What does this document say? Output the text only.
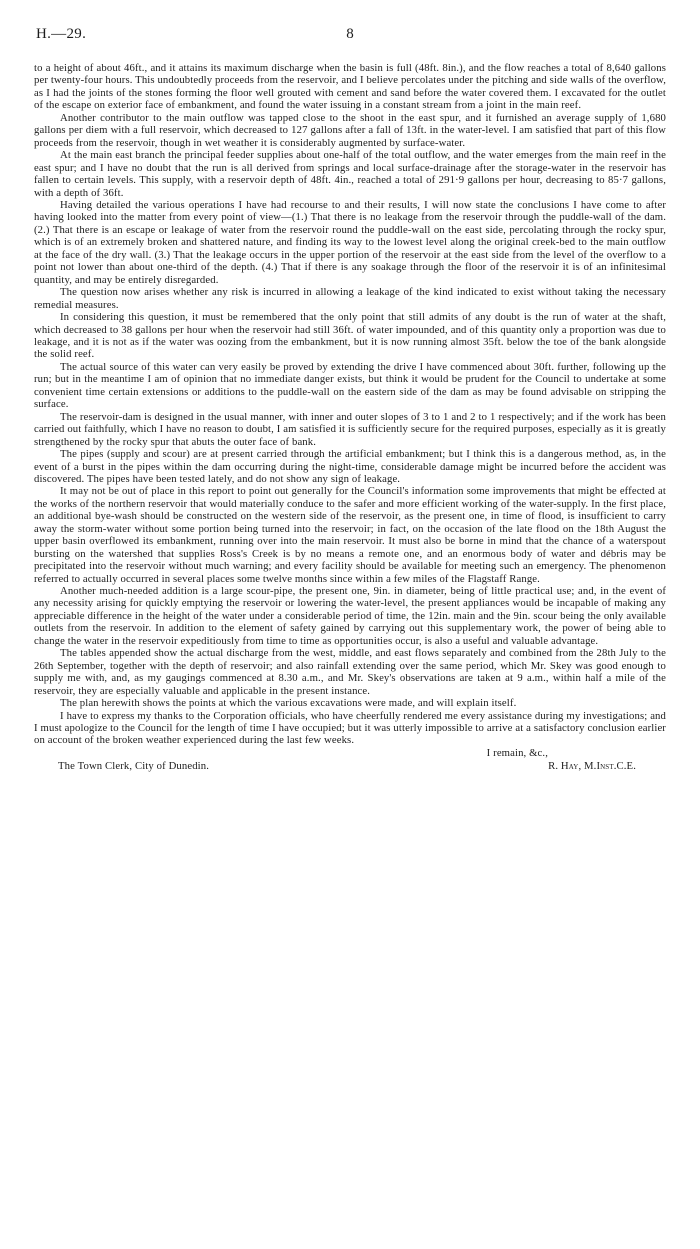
H.—29.	8

to a height of about 46ft., and it attains its maximum discharge when the basin is full (48ft. 8in.), and the flow reaches a total of 8,640 gallons per twenty-four hours. This undoubtedly proceeds from the reservoir, and I believe percolates under the pitching and side walls of the overflow, as I had the joints of the stones forming the floor well grouted with cement and sand before the water covered them. I excavated for the outlet of the escape on exterior face of embankment, and found the water issuing in a constant stream from a joint in the main reef.

Another contributor to the main outflow was tapped close to the shoot in the east spur, and it furnished an average supply of 1,680 gallons per diem with a full reservoir, which decreased to 127 gallons after a fall of 13ft. in the water-level. I am satisfied that part of this flow proceeds from the reservoir, though in wet weather it is considerably augmented by surface-water.

At the main east branch the principal feeder supplies about one-half of the total outflow, and the water emerges from the main reef in the east spur; and I have no doubt that the run is all derived from springs and local surface-drainage after the storage-water in the reservoir has fallen to certain levels. This supply, with a reservoir depth of 48ft. 4in., reached a total of 291·9 gallons per hour, decreasing to 85·7 gallons, with a depth of 36ft.

Having detailed the various operations I have had recourse to and their results, I will now state the conclusions I have come to after having looked into the matter from every point of view—(1.) That there is no leakage from the reservoir through the puddle-wall of the dam. (2.) That there is an escape or leakage of water from the reservoir round the puddle-wall on the east side, percolating through the rocky spur, which is of an extremely broken and shattered nature, and finding its way to the lowest level along the original creek-bed to the main outflow at the face of the dry wall. (3.) That the leakage occurs in the upper portion of the reservoir at the east side from the level of the overflow to a point not lower than about one-third of the depth. (4.) That if there is any soakage through the floor of the reservoir it is of an infinitesimal quantity, and may be entirely disregarded.

The question now arises whether any risk is incurred in allowing a leakage of the kind indicated to exist without taking the necessary remedial measures.

In considering this question, it must be remembered that the only point that still admits of any doubt is the run of water at the shaft, which decreased to 38 gallons per hour when the reservoir had still 36ft. of water impounded, and of this quantity only a proportion was due to leakage, and it is not as if the water was oozing from the embankment, but it is now running almost 35ft. below the toe of the bank alongside the solid reef.

The actual source of this water can very easily be proved by extending the drive I have commenced about 30ft. further, following up the run; but in the meantime I am of opinion that no immediate danger exists, but think it would be prudent for the Council to undertake at some convenient time certain extensions or additions to the puddle-wall on the eastern side of the dam as may be found advisable on stripping the surface.

The reservoir-dam is designed in the usual manner, with inner and outer slopes of 3 to 1 and 2 to 1 respectively; and if the work has been carried out faithfully, which I have no reason to doubt, I am satisfied it is sufficiently secure for the required purposes, especially as it is greatly strengthened by the rocky spur that abuts the outer face of bank.

The pipes (supply and scour) are at present carried through the artificial embankment; but I think this is a dangerous method, as, in the event of a burst in the pipes within the dam occurring during the night-time, considerable damage might be incurred before the accident was discovered. The pipes have been tested lately, and do not show any sign of leakage.

It may not be out of place in this report to point out generally for the Council's information some improvements that might be effected at the works of the northern reservoir that would materially conduce to the safer and more efficient working of the water-supply. In the first place, an additional bye-wash should be constructed on the western side of the reservoir, as the present one, in time of flood, is insufficient to carry away the storm-water without some portion being turned into the reservoir; in fact, on the occasion of the late flood on the 18th August the upper basin overflowed its embankment, running over into the main reservoir. It must also be borne in mind that the chance of a waterspout bursting on the watershed that supplies Ross's Creek is by no means a remote one, and an enormous body of water and débris may be precipitated into the reservoir without much warning; and every facility should be available for meeting such an emergency. The phenomenon referred to actually occurred in several places some twelve months since within a few miles of the Flagstaff Range.

Another much-needed addition is a large scour-pipe, the present one, 9in. in diameter, being of little practical use; and, in the event of any necessity arising for quickly emptying the reservoir or lowering the water-level, the present appliances would be incapable of making any appreciable difference in the height of the water under a considerable period of time, the 12in. main and the 9in. scour being the only available outlets from the reservoir. In addition to the element of safety gained by carrying out this supplementary work, the power of being able to change the water in the reservoir expeditiously from time to time as opportunities occur, is also a useful and valuable advantage.

The tables appended show the actual discharge from the west, middle, and east flows separately and combined from the 28th July to the 26th September, together with the depth of reservoir; and also rainfall extending over the same period, which Mr. Skey was good enough to supply me with, and, as my gaugings commenced at 8.30 a.m., and Mr. Skey's observations are taken at 9 a.m., within half a mile of the reservoir, they are especially valuable and applicable in the present instance.

The plan herewith shows the points at which the various excavations were made, and will explain itself.

I have to express my thanks to the Corporation officials, who have cheerfully rendered me every assistance during my investigations; and I must apologize to the Council for the length of time I have occupied; but it was utterly impossible to arrive at a satisfactory conclusion earlier on account of the broken weather experienced during the last few weeks.

I remain, &c.,
The Town Clerk, City of Dunedin.	R. Hay, M.Inst.C.E.
